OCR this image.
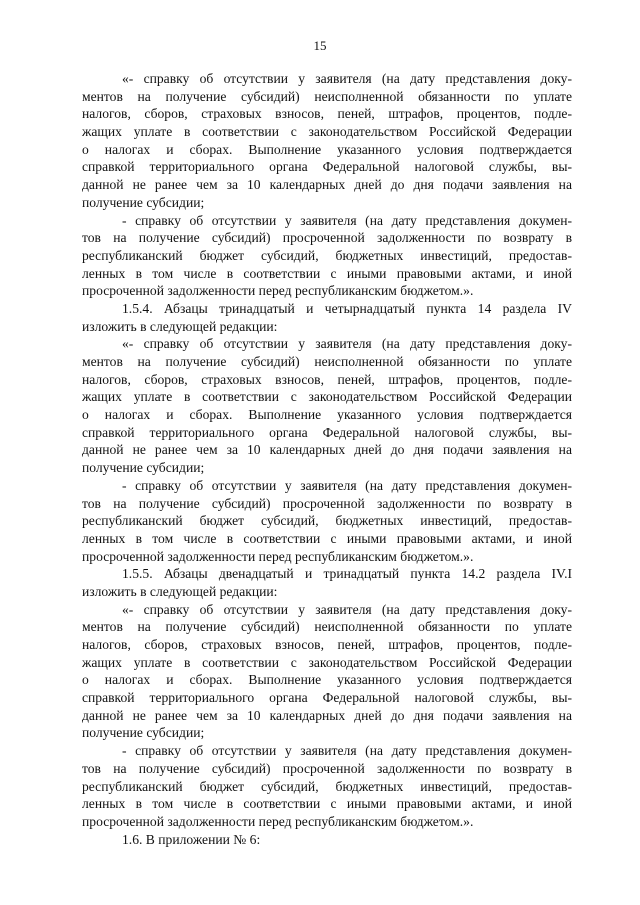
15
«- справку об отсутствии у заявителя (на дату представления доку-
ментов на получение субсидий) неисполненной обязанности по уплате
налогов, сборов, страховых взносов, пеней, штрафов, процентов, подле-
жащих уплате в соответствии с законодательством Российской Федерации
о налогах и сборах. Выполнение указанного условия подтверждается
справкой территориального органа Федеральной налоговой службы, вы-
данной не ранее чем за 10 календарных дней до дня подачи заявления на
получение субсидии;
- справку об отсутствии у заявителя (на дату представления докумен-
тов на получение субсидий) просроченной задолженности по возврату в
республиканский бюджет субсидий, бюджетных инвестиций, предостав-
ленных в том числе в соответствии с иными правовыми актами, и иной
просроченной задолженности перед республиканским бюджетом.».
1.5.4. Абзацы тринадцатый и четырнадцатый пункта 14 раздела IV
изложить в следующей редакции:
«- справку об отсутствии у заявителя (на дату представления доку-
ментов на получение субсидий) неисполненной обязанности по уплате
налогов, сборов, страховых взносов, пеней, штрафов, процентов, подле-
жащих уплате в соответствии с законодательством Российской Федерации
о налогах и сборах. Выполнение указанного условия подтверждается
справкой территориального органа Федеральной налоговой службы, вы-
данной не ранее чем за 10 календарных дней до дня подачи заявления на
получение субсидии;
- справку об отсутствии у заявителя (на дату представления докумен-
тов на получение субсидий) просроченной задолженности по возврату в
республиканский бюджет субсидий, бюджетных инвестиций, предостав-
ленных в том числе в соответствии с иными правовыми актами, и иной
просроченной задолженности перед республиканским бюджетом.».
1.5.5. Абзацы двенадцатый и тринадцатый пункта 14.2 раздела IV.I
изложить в следующей редакции:
«- справку об отсутствии у заявителя (на дату представления доку-
ментов на получение субсидий) неисполненной обязанности по уплате
налогов, сборов, страховых взносов, пеней, штрафов, процентов, подле-
жащих уплате в соответствии с законодательством Российской Федерации
о налогах и сборах. Выполнение указанного условия подтверждается
справкой территориального органа Федеральной налоговой службы, вы-
данной не ранее чем за 10 календарных дней до дня подачи заявления на
получение субсидии;
- справку об отсутствии у заявителя (на дату представления докумен-
тов на получение субсидий) просроченной задолженности по возврату в
республиканский бюджет субсидий, бюджетных инвестиций, предостав-
ленных в том числе в соответствии с иными правовыми актами, и иной
просроченной задолженности перед республиканским бюджетом.».
1.6. В приложении № 6:
